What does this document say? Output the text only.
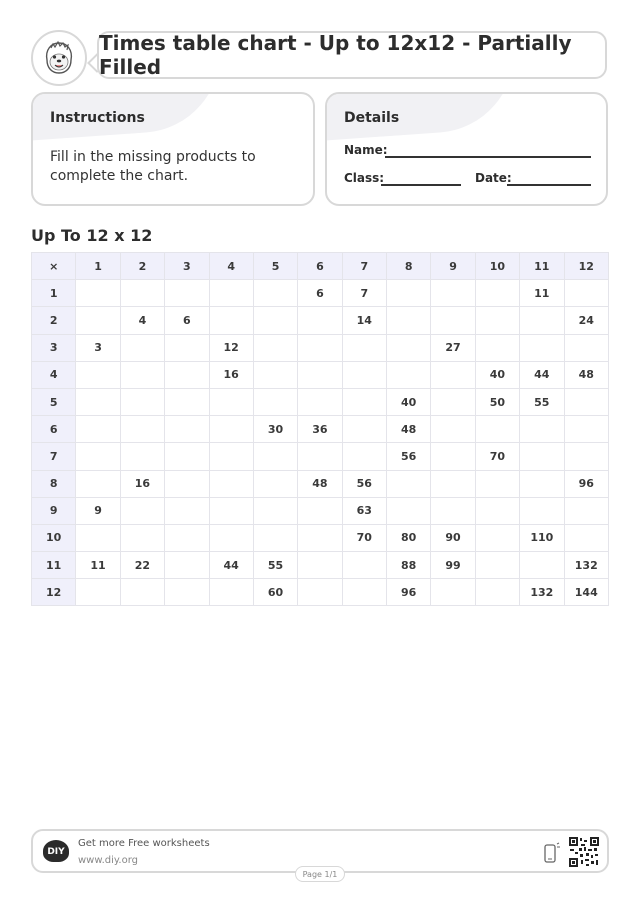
Times table chart - Up to 12x12 - Partially Filled
Instructions
Fill in the missing products to complete the chart.
Details
Name:
Class:	Date:
Up To 12 x 12
×	1	2	3	4	5	6	7	8	9	10	11	12
1						6	7				11	
2		4	6				14					24
3	3			12					27			
4				16						40	44	48
5								40		50	55	
6					30	36		48				
7								56		70		
8		16				48	56					96
9	9						63					
10							70	80	90		110	
11	11	22		44	55			88	99			132
12					60			96			132	144
DIY
Get more Free worksheets
www.diy.org
Page 1/1
